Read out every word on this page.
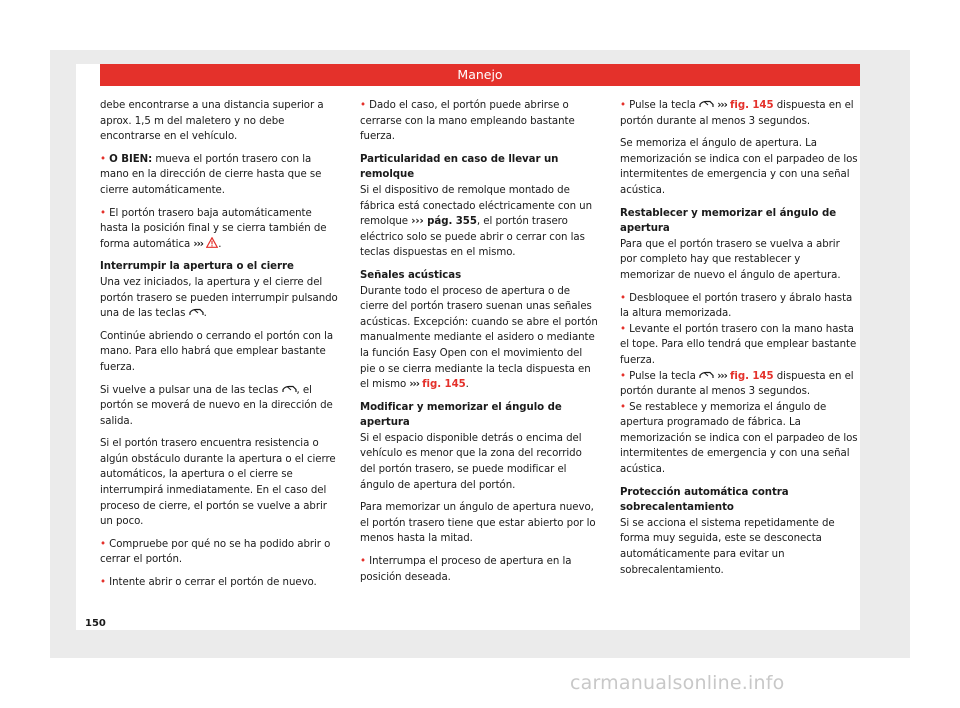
Manejo

debe encontrarse a una distancia superior a aprox. 1,5 m del maletero y no debe encontrarse en el vehículo.

• O BIEN: mueva el portón trasero con la mano en la dirección de cierre hasta que se cierre automáticamente.

• El portón trasero baja automáticamente hasta la posición final y se cierra también de forma automática ››› .

Interrumpir la apertura o el cierre

Una vez iniciados, la apertura y el cierre del portón trasero se pueden interrumpir pulsando una de las teclas .

Continúe abriendo o cerrando el portón con la mano. Para ello habrá que emplear bastante fuerza.

Si vuelve a pulsar una de las teclas , el portón se moverá de nuevo en la dirección de salida.

Si el portón trasero encuentra resistencia o algún obstáculo durante la apertura o el cierre automáticos, la apertura o el cierre se interrumpirá inmediatamente. En el caso del proceso de cierre, el portón se vuelve a abrir un poco.

• Compruebe por qué no se ha podido abrir o cerrar el portón.

• Intente abrir o cerrar el portón de nuevo.

• Dado el caso, el portón puede abrirse o cerrarse con la mano empleando bastante fuerza.

Particularidad en caso de llevar un remolque

Si el dispositivo de remolque montado de fábrica está conectado eléctricamente con un remolque ››› pág. 355, el portón trasero eléctrico solo se puede abrir o cerrar con las teclas dispuestas en el mismo.

Señales acústicas

Durante todo el proceso de apertura o de cierre del portón trasero suenan unas señales acústicas. Excepción: cuando se abre el portón manualmente mediante el asidero o mediante la función Easy Open con el movimiento del pie o se cierra mediante la tecla dispuesta en el mismo ››› fig. 145.

Modificar y memorizar el ángulo de apertura

Si el espacio disponible detrás o encima del vehículo es menor que la zona del recorrido del portón trasero, se puede modificar el ángulo de apertura del portón.

Para memorizar un ángulo de apertura nuevo, el portón trasero tiene que estar abierto por lo menos hasta la mitad.

• Interrumpa el proceso de apertura en la posición deseada.

• Pulse la tecla  ››› fig. 145 dispuesta en el portón durante al menos 3 segundos.

Se memoriza el ángulo de apertura. La memorización se indica con el parpadeo de los intermitentes de emergencia y con una señal acústica.

Restablecer y memorizar el ángulo de apertura

Para que el portón trasero se vuelva a abrir por completo hay que restablecer y memorizar de nuevo el ángulo de apertura.

• Desbloquee el portón trasero y ábralo hasta la altura memorizada.

• Levante el portón trasero con la mano hasta el tope. Para ello tendrá que emplear bastante fuerza.

• Pulse la tecla  ››› fig. 145 dispuesta en el portón durante al menos 3 segundos.

• Se restablece y memoriza el ángulo de apertura programado de fábrica. La memorización se indica con el parpadeo de los intermitentes de emergencia y con una señal acústica.

Protección automática contra sobrecalentamiento

Si se acciona el sistema repetidamente de forma muy seguida, este se desconecta automáticamente para evitar un sobrecalentamiento.

150
carmanualsonline.info
